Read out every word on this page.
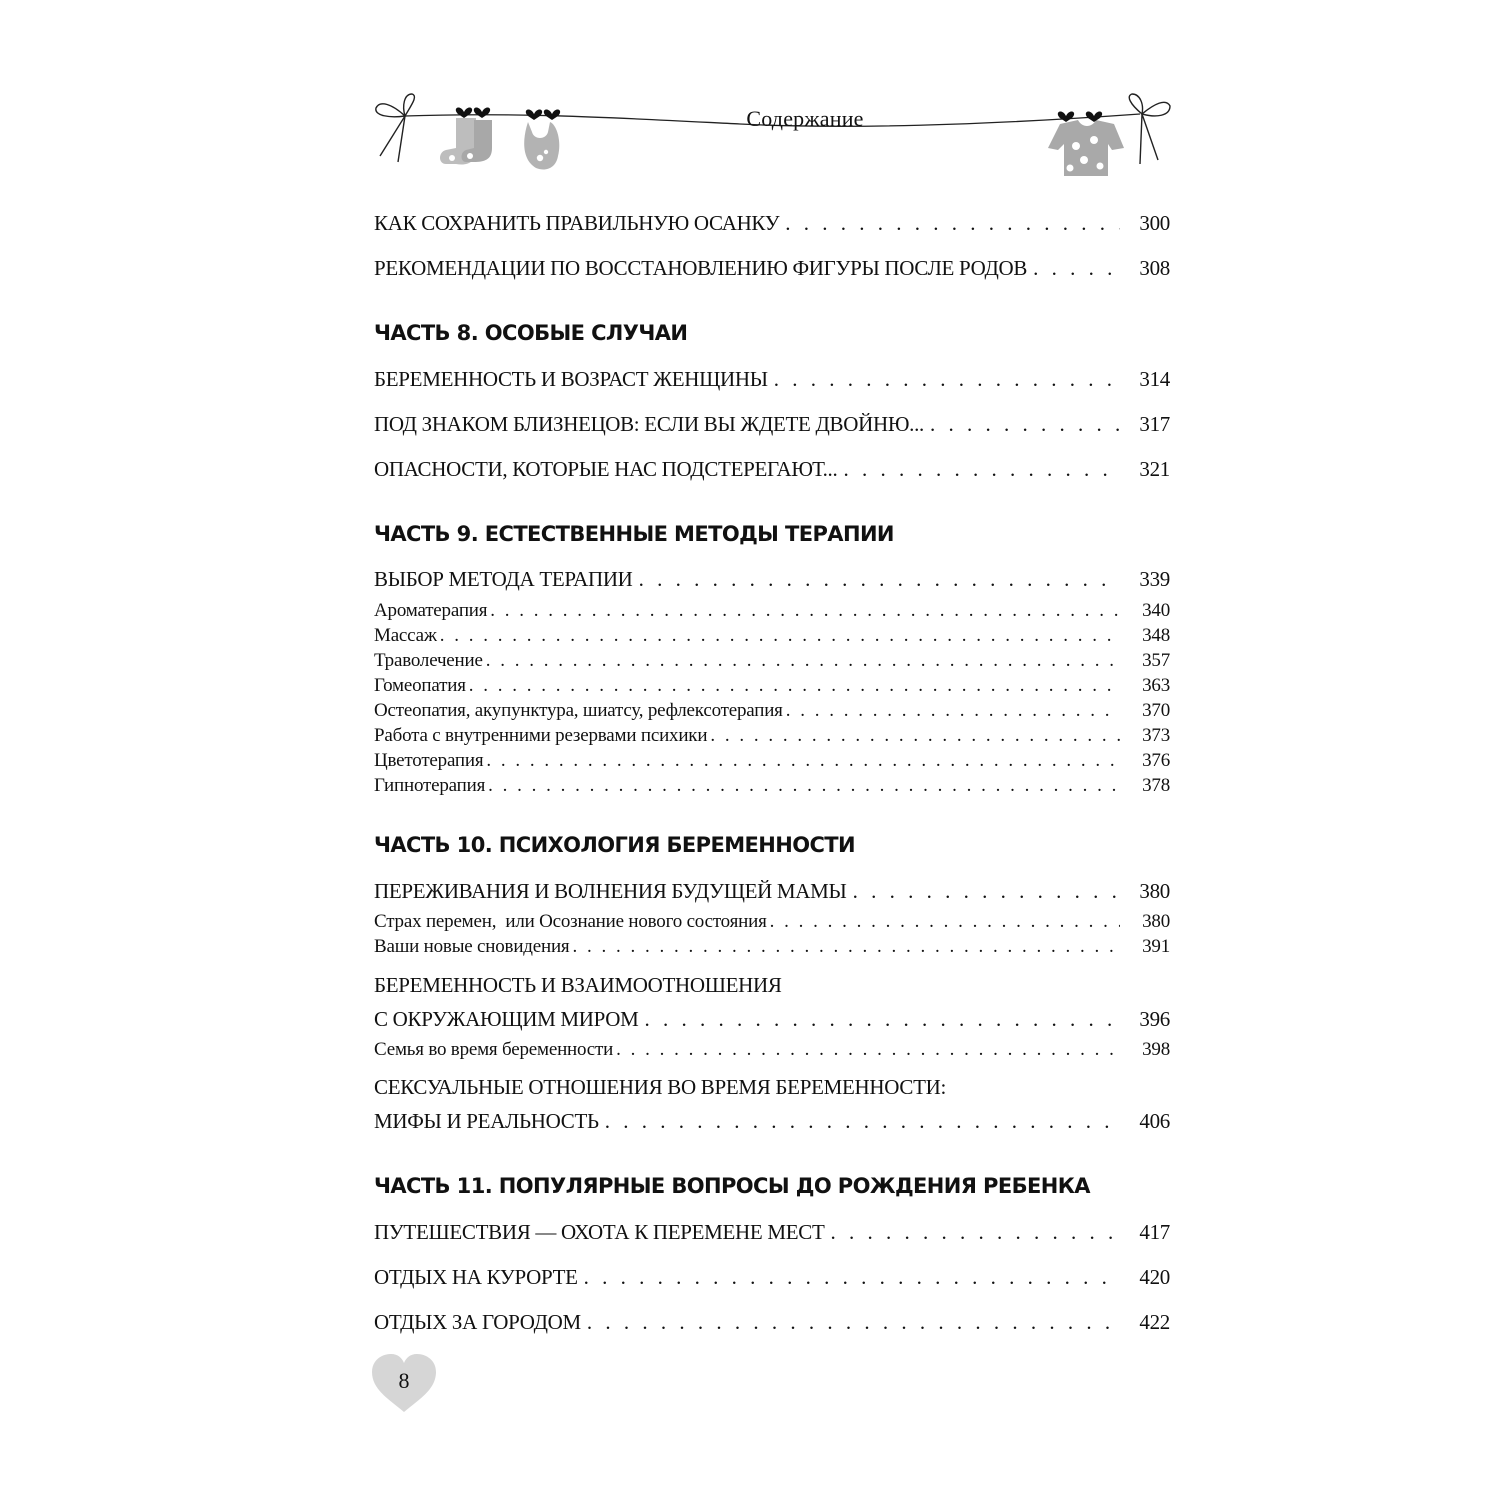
Содержание
КАК СОХРАНИТЬ ПРАВИЛЬНУЮ ОСАНКУ . . .	300
РЕКОМЕНДАЦИИ ПО ВОССТАНОВЛЕНИЮ ФИГУРЫ ПОСЛЕ РОДОВ . . .	308
ЧАСТЬ 8. ОСОБЫЕ СЛУЧАИ
БЕРЕМЕННОСТЬ И ВОЗРАСТ ЖЕНЩИНЫ . . .	314
ПОД ЗНАКОМ БЛИЗНЕЦОВ: ЕСЛИ ВЫ ЖДЕТЕ ДВОЙНЮ... . . .	317
ОПАСНОСТИ, КОТОРЫЕ НАС ПОДСТЕРЕГАЮТ... . . .	321
ЧАСТЬ 9. ЕСТЕСТВЕННЫЕ МЕТОДЫ ТЕРАПИИ
ВЫБОР МЕТОДА ТЕРАПИИ . . .	339
Ароматерапия . . .	340
Массаж . . .	348
Траволечение . . .	357
Гомеопатия . . .	363
Остеопатия, акупунктура, шиатсу, рефлексотерапия . . .	370
Работа с внутренними резервами психики . . .	373
Цветотерапия . . .	376
Гипнотерапия . . .	378
ЧАСТЬ 10. ПСИХОЛОГИЯ БЕРЕМЕННОСТИ
ПЕРЕЖИВАНИЯ И ВОЛНЕНИЯ БУДУЩЕЙ МАМЫ . . .	380
Страх перемен,  или Осознание нового состояния . . .	380
Ваши новые сновидения . . .	391
БЕРЕМЕННОСТЬ И ВЗАИМООТНОШЕНИЯ
С ОКРУЖАЮЩИМ МИРОМ . . .	396
Семья во время беременности . . .	398
СЕКСУАЛЬНЫЕ ОТНОШЕНИЯ ВО ВРЕМЯ БЕРЕМЕННОСТИ:
МИФЫ И РЕАЛЬНОСТЬ . . .	406
ЧАСТЬ 11. ПОПУЛЯРНЫЕ ВОПРОСЫ ДО РОЖДЕНИЯ РЕБЕНКА
ПУТЕШЕСТВИЯ — ОХОТА К ПЕРЕМЕНЕ МЕСТ . . .	417
ОТДЫХ НА КУРОРТЕ . . .	420
ОТДЫХ ЗА ГОРОДОМ . . .	422
8
